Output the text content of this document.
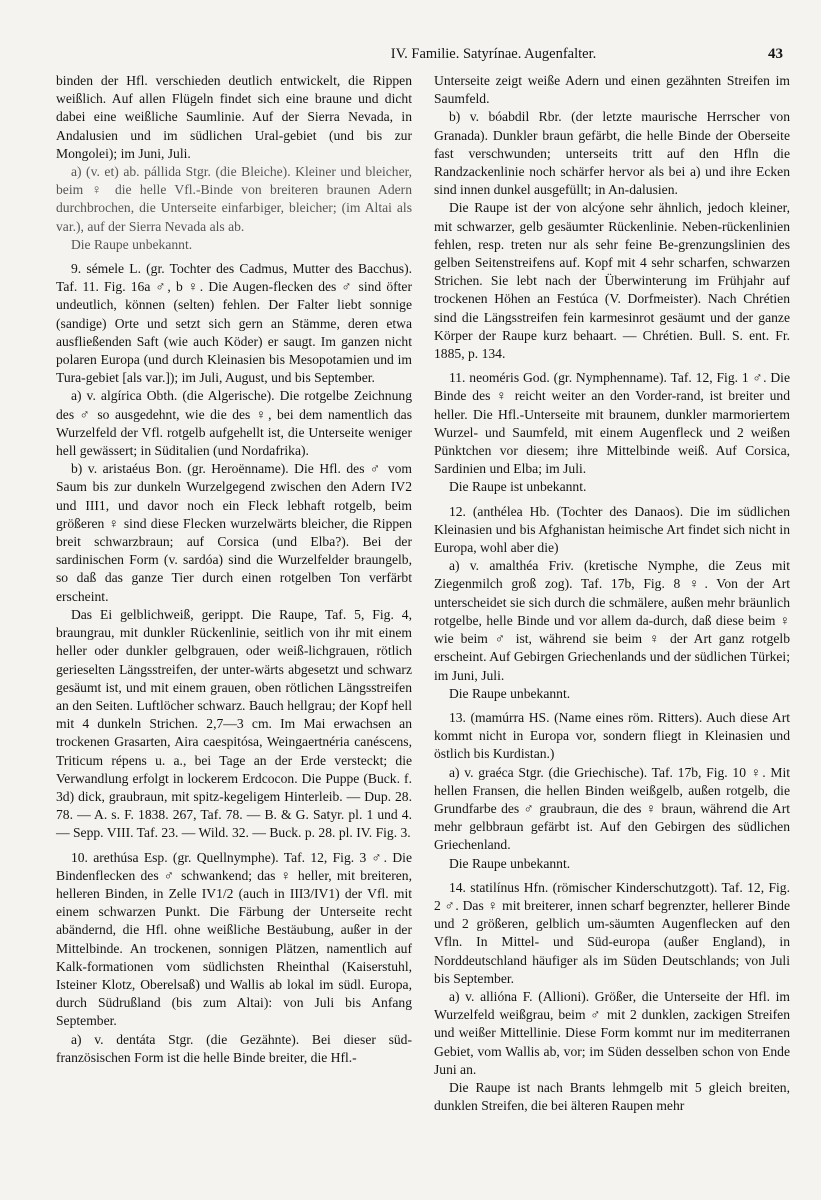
IV. Familie. Satyrínae. Augenfalter.	43

binden der Hfl. verschieden deutlich entwickelt, die Rippen weißlich. Auf allen Flügeln findet sich eine braune und dicht dabei eine weißliche Saumlinie. Auf der Sierra Nevada, in Andalusien und im südlichen Ural-gebiet (und bis zur Mongolei); im Juni, Juli.

a) (v. et) ab. pállida Stgr. (die Bleiche). Kleiner und bleicher, beim ♀ die helle Vfl.-Binde von breiteren braunen Adern durchbrochen, die Unterseite einfarbiger, bleicher; (im Altai als var.), auf der Sierra Nevada als ab.

Die Raupe unbekannt.

9. sémele L. (gr. Tochter des Cadmus, Mutter des Bacchus). Taf. 11. Fig. 16a ♂, b ♀. Die Augen-flecken des ♂ sind öfter undeutlich, können (selten) fehlen. Der Falter liebt sonnige (sandige) Orte und setzt sich gern an Stämme, deren etwa ausfließenden Saft (wie auch Köder) er saugt. Im ganzen nicht polaren Europa (und durch Kleinasien bis Mesopotamien und im Tura-gebiet [als var.]); im Juli, August, und bis September.

a) v. algírica Obth. (die Algerische). Die rotgelbe Zeichnung des ♂ so ausgedehnt, wie die des ♀, bei dem namentlich das Wurzelfeld der Vfl. rotgelb aufgehellt ist, die Unterseite weniger hell gewässert; in Süditalien (und Nordafrika).

b) v. aristaéus Bon. (gr. Heroënname). Die Hfl. des ♂ vom Saum bis zur dunkeln Wurzelgegend zwischen den Adern IV2 und III1, und davor noch ein Fleck lebhaft rotgelb, beim größeren ♀ sind diese Flecken wurzelwärts bleicher, die Rippen breit schwarzbraun; auf Corsica (und Elba?). Bei der sardinischen Form (v. sardóa) sind die Wurzelfelder braungelb, so daß das ganze Tier durch einen rotgelben Ton verfärbt erscheint.

Das Ei gelblichweiß, gerippt. Die Raupe, Taf. 5, Fig. 4, braungrau, mit dunkler Rückenlinie, seitlich von ihr mit einem heller oder dunkler gelbgrauen, oder weiß-lichgrauen, rötlich gerieselten Längsstreifen, der unter-wärts abgesetzt und schwarz gesäumt ist, und mit einem grauen, oben rötlichen Längsstreifen an den Seiten. Luftlöcher schwarz. Bauch hellgrau; der Kopf hell mit 4 dunkeln Strichen. 2,7—3 cm. Im Mai erwachsen an trockenen Grasarten, Aira caespitósa, Weingaertnéria canéscens, Triticum répens u. a., bei Tage an der Erde versteckt; die Verwandlung erfolgt in lockerem Erdcocon. Die Puppe (Buck. f. 3d) dick, graubraun, mit spitz-kegeligem Hinterleib. — Dup. 28. 78. — A. s. F. 1838. 267, Taf. 78. — B. & G. Satyr. pl. 1 und 4. — Sepp. VIII. Taf. 23. — Wild. 32. — Buck. p. 28. pl. IV. Fig. 3.

10. arethúsa Esp. (gr. Quellnymphe). Taf. 12, Fig. 3 ♂. Die Bindenflecken des ♂ schwankend; das ♀ heller, mit breiteren, helleren Binden, in Zelle IV1/2 (auch in III3/IV1) der Vfl. mit einem schwarzen Punkt. Die Färbung der Unterseite recht abändernd, die Hfl. ohne weißliche Bestäubung, außer in der Mittelbinde. An trockenen, sonnigen Plätzen, namentlich auf Kalk-formationen vom südlichsten Rheinthal (Kaiserstuhl, Isteiner Klotz, Oberelsaß) und Wallis ab lokal im südl. Europa, durch Südrußland (bis zum Altai): von Juli bis Anfang September.

a) v. dentáta Stgr. (die Gezähnte). Bei dieser süd-französischen Form ist die helle Binde breiter, die Hfl.-

Unterseite zeigt weiße Adern und einen gezähnten Streifen im Saumfeld.

b) v. bóabdil Rbr. (der letzte maurische Herrscher von Granada). Dunkler braun gefärbt, die helle Binde der Oberseite fast verschwunden; unterseits tritt auf den Hfln die Randzackenlinie noch schärfer hervor als bei a) und ihre Ecken sind innen dunkel ausgefüllt; in An-dalusien.

Die Raupe ist der von alcýone sehr ähnlich, jedoch kleiner, mit schwarzer, gelb gesäumter Rückenlinie. Neben-rückenlinien fehlen, resp. treten nur als sehr feine Be-grenzungslinien des gelben Seitenstreifens auf. Kopf mit 4 sehr scharfen, schwarzen Strichen. Sie lebt nach der Überwinterung im Frühjahr auf trockenen Höhen an Festúca (V. Dorfmeister). Nach Chrétien sind die Längsstreifen fein karmesinrot gesäumt und der ganze Körper der Raupe kurz behaart. — Chrétien. Bull. S. ent. Fr. 1885, p. 134.

11. neoméris God. (gr. Nymphenname). Taf. 12, Fig. 1 ♂. Die Binde des ♀ reicht weiter an den Vorder-rand, ist breiter und heller. Die Hfl.-Unterseite mit braunem, dunkler marmoriertem Wurzel- und Saumfeld, mit einem Augenfleck und 2 weißen Pünktchen vor diesem; ihre Mittelbinde weiß. Auf Corsica, Sardinien und Elba; im Juli.

Die Raupe ist unbekannt.

12. (anthélea Hb. (Tochter des Danaos). Die im südlichen Kleinasien und bis Afghanistan heimische Art findet sich nicht in Europa, wohl aber die)

a) v. amalthéa Friv. (kretische Nymphe, die Zeus mit Ziegenmilch groß zog). Taf. 17b, Fig. 8 ♀. Von der Art unterscheidet sie sich durch die schmälere, außen mehr bräunlich rotgelbe, helle Binde und vor allem da-durch, daß diese beim ♀ wie beim ♂ ist, während sie beim ♀ der Art ganz rotgelb erscheint. Auf Gebirgen Griechenlands und der südlichen Türkei; im Juni, Juli.

Die Raupe unbekannt.

13. (mamúrra HS. (Name eines röm. Ritters). Auch diese Art kommt nicht in Europa vor, sondern fliegt in Kleinasien und östlich bis Kurdistan.)

a) v. graéca Stgr. (die Griechische). Taf. 17b, Fig. 10 ♀. Mit hellen Fransen, die hellen Binden weißgelb, außen rotgelb, die Grundfarbe des ♂ graubraun, die des ♀ braun, während die Art mehr gelbbraun gefärbt ist. Auf den Gebirgen des südlichen Griechenland.

Die Raupe unbekannt.

14. statilínus Hfn. (römischer Kinderschutzgott). Taf. 12, Fig. 2 ♂. Das ♀ mit breiterer, innen scharf begrenzter, hellerer Binde und 2 größeren, gelblich um-säumten Augenflecken auf den Vfln. In Mittel- und Süd-europa (außer England), in Norddeutschland häufiger als im Süden Deutschlands; von Juli bis September.

a) v. allióna F. (Allioni). Größer, die Unterseite der Hfl. im Wurzelfeld weißgrau, beim ♂ mit 2 dunklen, zackigen Streifen und weißer Mittellinie. Diese Form kommt nur im mediterranen Gebiet, vom Wallis ab, vor; im Süden desselben schon von Ende Juni an.

Die Raupe ist nach Brants lehmgelb mit 5 gleich breiten, dunklen Streifen, die bei älteren Raupen mehr
